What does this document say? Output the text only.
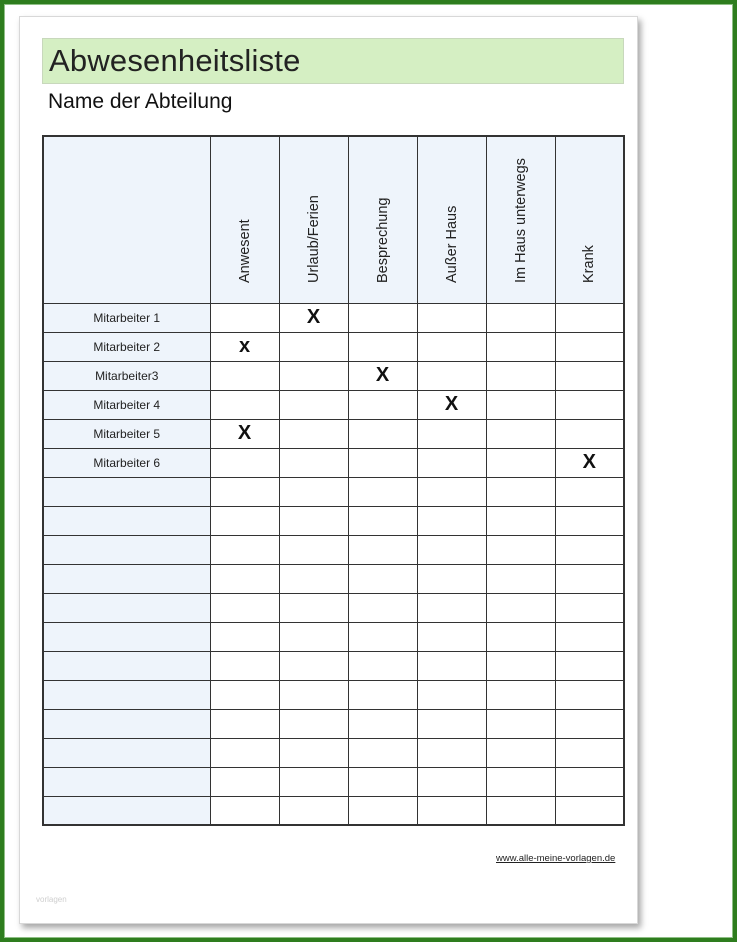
Abwesenheitsliste
Name der Abteilung

	Anwesent	Urlaub/Ferien	Besprechung	Außer Haus	Im Haus unterwegs	Krank

Mitarbeiter 1		X				
Mitarbeiter 2	x					
Mitarbeiter3			X			
Mitarbeiter 4				X		
Mitarbeiter 5	X					
Mitarbeiter 6						X

www.alle-meine-vorlagen.de
vorlagen
